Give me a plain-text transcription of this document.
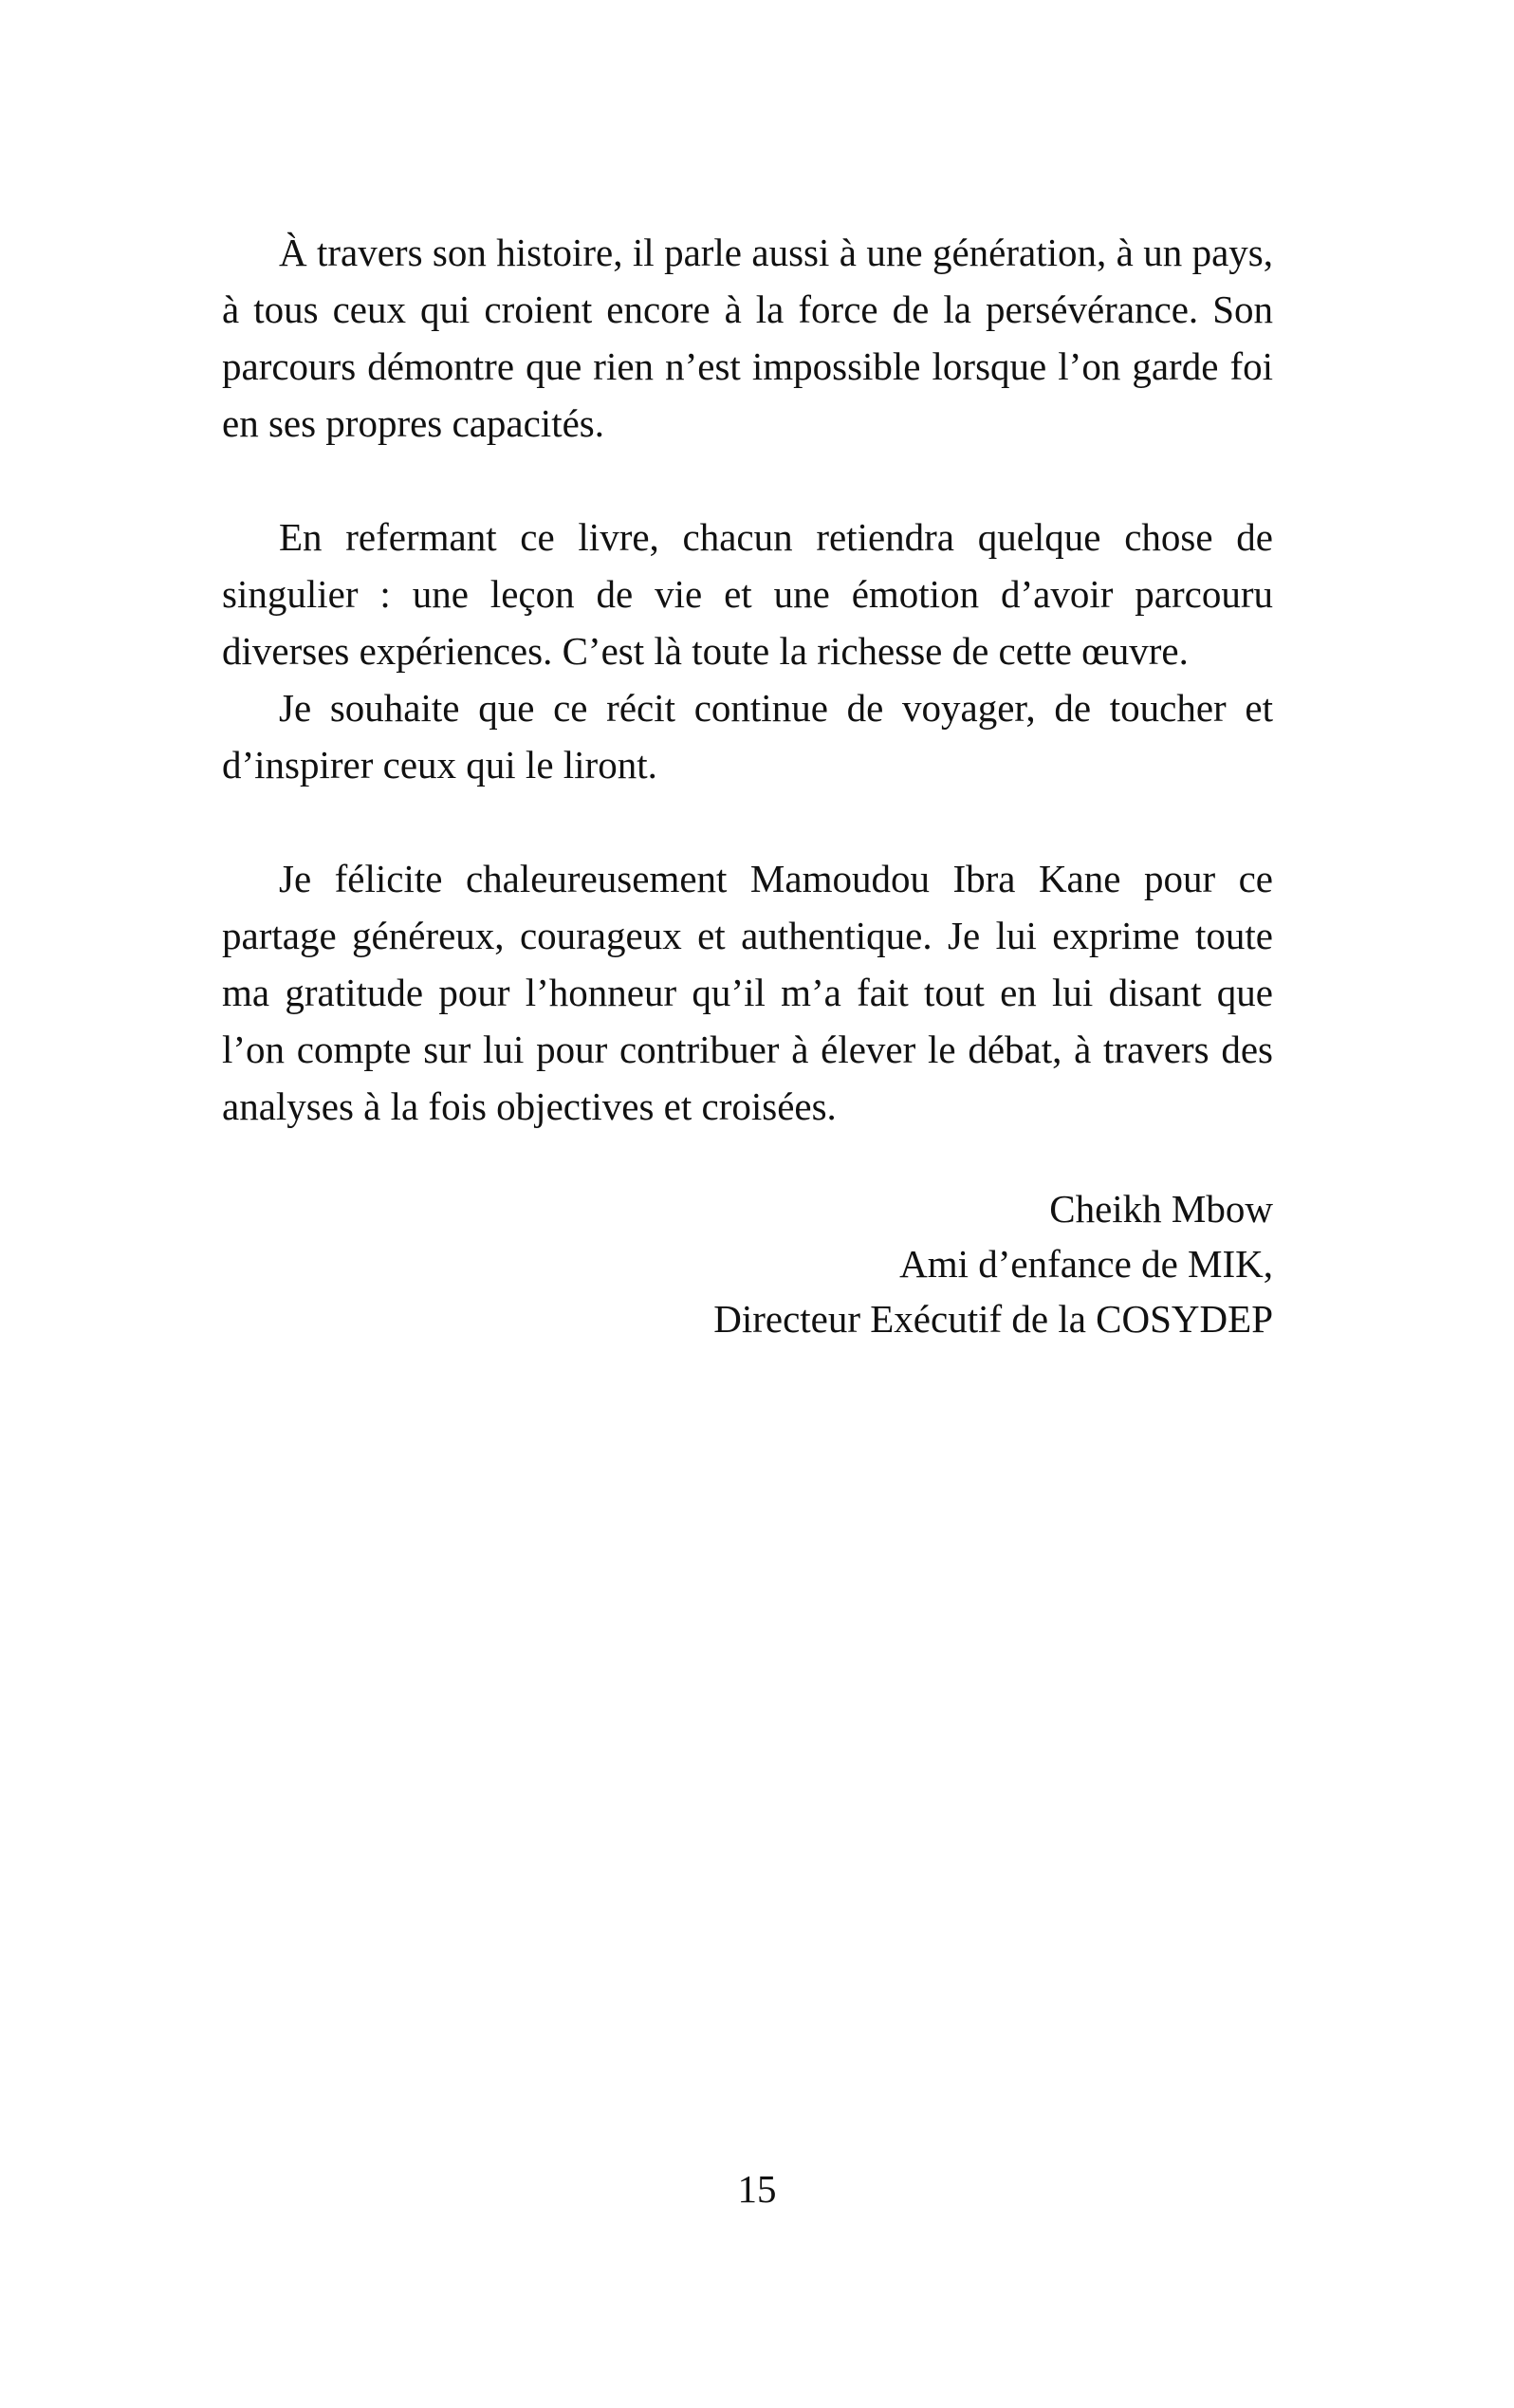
À travers son histoire, il parle aussi à une génération, à un pays, à tous ceux qui croient encore à la force de la persévérance. Son parcours démontre que rien n’est impossible lorsque l’on garde foi en ses propres capacités.

En refermant ce livre, chacun retiendra quelque chose de singulier : une leçon de vie et une émotion d’avoir parcouru diverses expériences. C’est là toute la richesse de cette œuvre.

Je souhaite que ce récit continue de voyager, de toucher et d’inspirer ceux qui le liront.

Je félicite chaleureusement Mamoudou Ibra Kane pour ce partage généreux, courageux et authentique. Je lui exprime toute ma gratitude pour l’honneur qu’il m’a fait tout en lui disant que l’on compte sur lui pour contribuer à élever le débat, à travers des analyses à la fois objectives et croisées.

Cheikh Mbow
Ami d’enfance de MIK,
Directeur Exécutif de la COSYDEP
15
